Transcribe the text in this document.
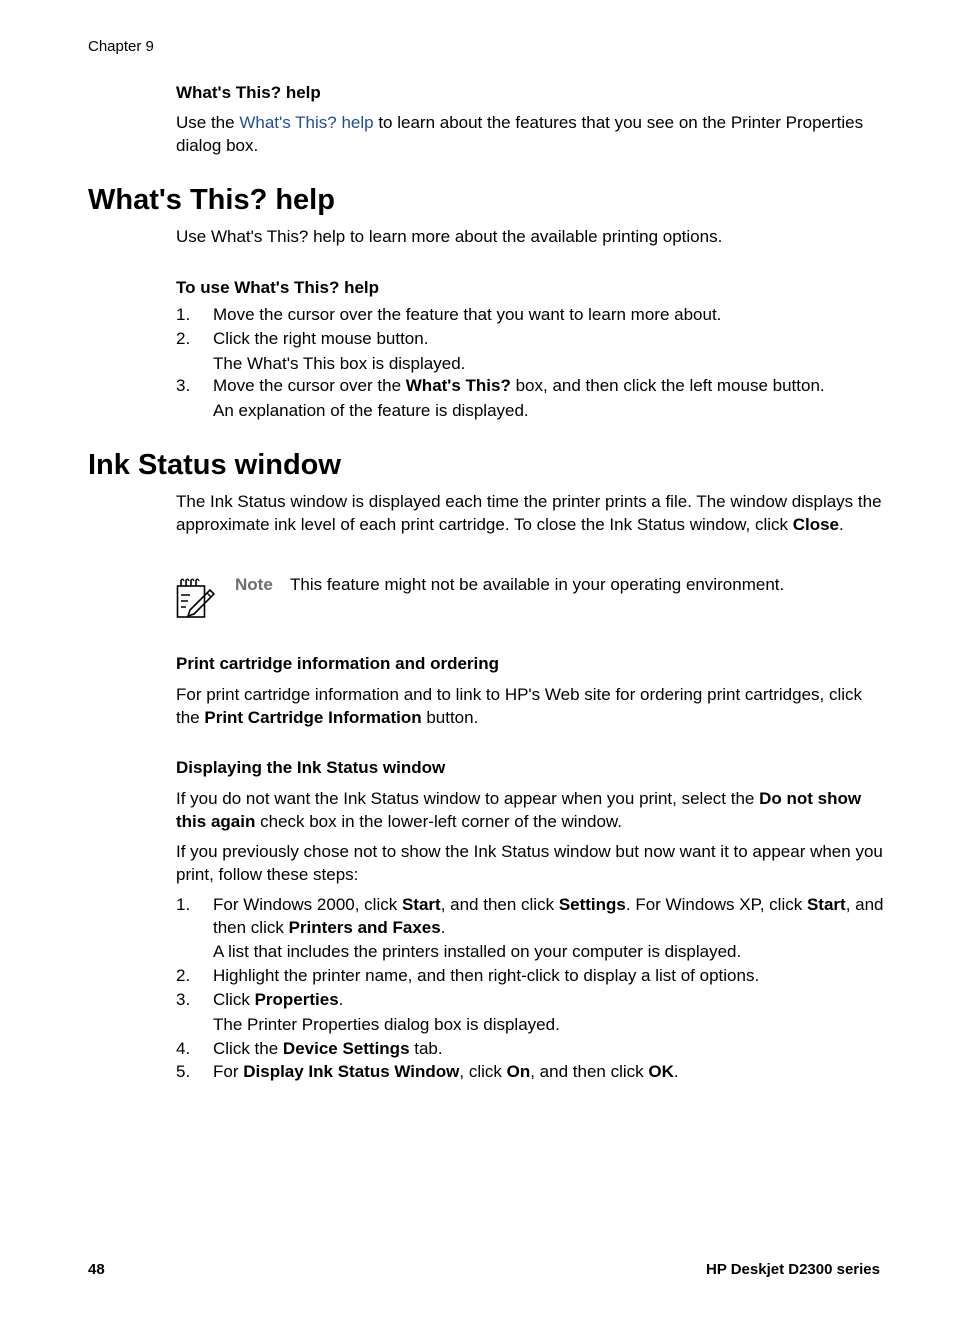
Chapter 9
What's This? help
Use the What's This? help to learn about the features that you see on the Printer Properties dialog box.
What's This? help
Use What's This? help to learn more about the available printing options.
To use What's This? help
1. Move the cursor over the feature that you want to learn more about.
2. Click the right mouse button.
The What's This box is displayed.
3. Move the cursor over the What's This? box, and then click the left mouse button.
An explanation of the feature is displayed.
Ink Status window
The Ink Status window is displayed each time the printer prints a file. The window displays the approximate ink level of each print cartridge. To close the Ink Status window, click Close.
Note This feature might not be available in your operating environment.
Print cartridge information and ordering
For print cartridge information and to link to HP's Web site for ordering print cartridges, click the Print Cartridge Information button.
Displaying the Ink Status window
If you do not want the Ink Status window to appear when you print, select the Do not show this again check box in the lower-left corner of the window.
If you previously chose not to show the Ink Status window but now want it to appear when you print, follow these steps:
1. For Windows 2000, click Start, and then click Settings. For Windows XP, click Start, and then click Printers and Faxes.
A list that includes the printers installed on your computer is displayed.
2. Highlight the printer name, and then right-click to display a list of options.
3. Click Properties.
The Printer Properties dialog box is displayed.
4. Click the Device Settings tab.
5. For Display Ink Status Window, click On, and then click OK.
48	HP Deskjet D2300 series
